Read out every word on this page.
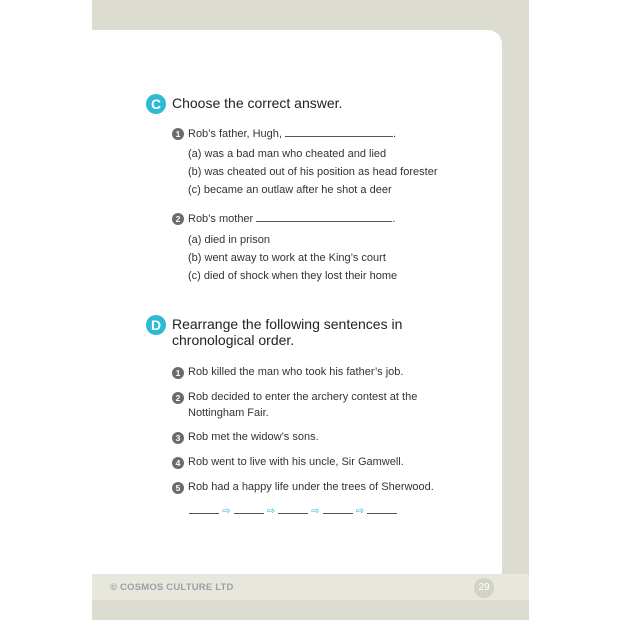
C Choose the correct answer.
1 Rob’s father, Hugh,	.
(a) was a bad man who cheated and lied
(b) was cheated out of his position as head forester
(c) became an outlaw after he shot a deer
2 Rob’s mother	.
(a) died in prison
(b) went away to work at the King’s court
(c) died of shock when they lost their home
D Rearrange the following sentences in
chronological order.
1 Rob killed the man who took his father’s job.
2 Rob decided to enter the archery contest at the
Nottingham Fair.
3 Rob met the widow’s sons.
4 Rob went to live with his uncle, Sir Gamwell.
5 Rob had a happy life under the trees of Sherwood.
⇨	⇨	⇨	⇨
© COSMOS CULTURE LTD	29
